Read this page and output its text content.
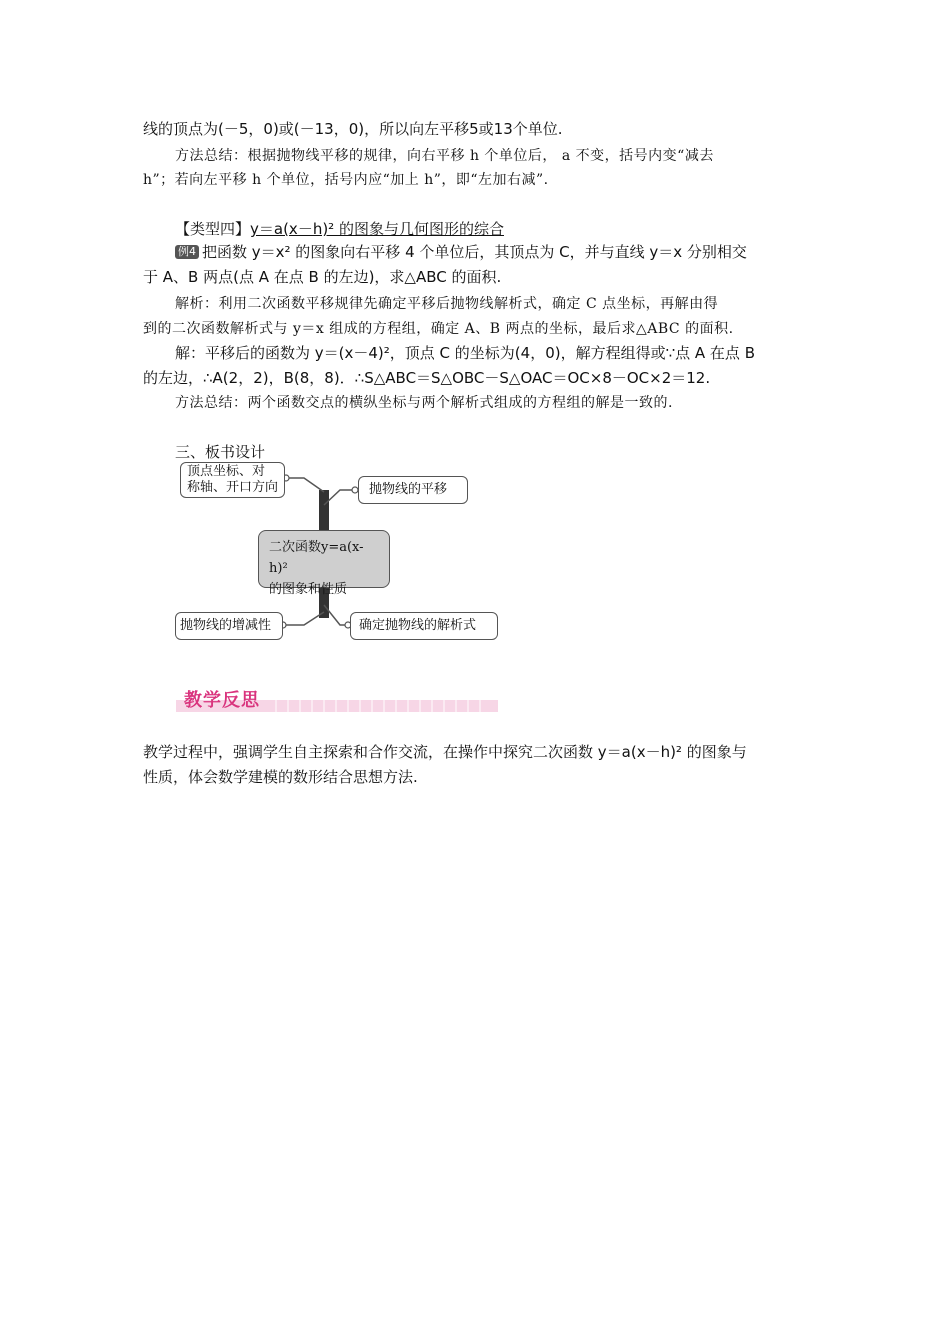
线的顶点为(－5，0)或(－13，0)，所以向左平移5或13个单位.
方法总结：根据抛物线平移的规律，向右平移 h 个单位后， a 不变，括号内变“减去
h”；若向左平移 h 个单位，括号内应“加上 h”，即“左加右减”.
【类型四】y＝a(x－h)² 的图象与几何图形的综合
例4 把函数 y＝x² 的图象向右平移 4 个单位后，其顶点为 C，并与直线 y＝x 分别相交
于 A、B 两点(点 A 在点 B 的左边)，求△ABC 的面积.
解析：利用二次函数平移规律先确定平移后抛物线解析式，确定 C 点坐标，再解由得
到的二次函数解析式与 y＝x 组成的方程组，确定 A、B 两点的坐标，最后求△ABC 的面积.
解：平移后的函数为 y＝(x－4)²，顶点 C 的坐标为(4，0)，解方程组得或∵点 A 在点 B
的左边，∴A(2，2)，B(8，8)．∴S△ABC＝S△OBC－S△OAC＝OC×8－OC×2＝12.
方法总结：两个函数交点的横纵坐标与两个解析式组成的方程组的解是一致的.
三、板书设计
顶点坐标、对
称轴、开口方向	抛物线的平移
二次函数y=a(x-h)²
的图象和性质
抛物线的增减性	确定抛物线的解析式
教学反思
教学过程中，强调学生自主探索和合作交流，在操作中探究二次函数 y＝a(x－h)² 的图象与
性质，体会数学建模的数形结合思想方法.
